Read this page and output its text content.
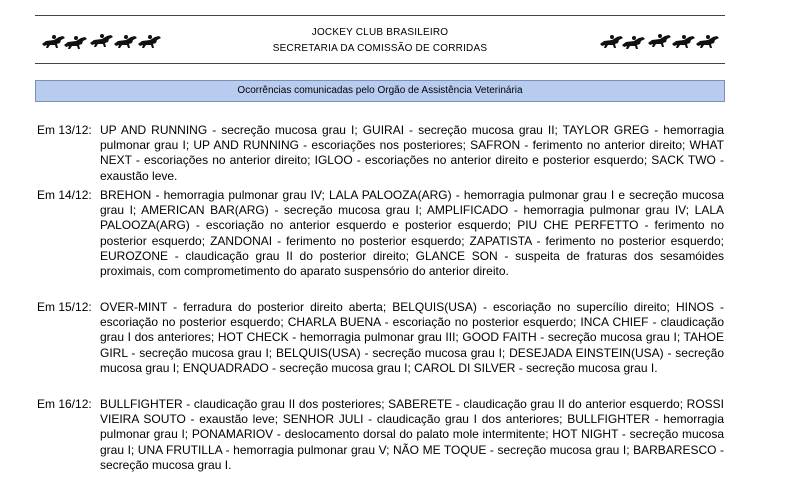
JOCKEY CLUB BRASILEIRO
SECRETARIA DA COMISSÃO DE CORRIDAS
Ocorrências comunicadas pelo Orgão de Assistência Veterinária
Em 13/12: UP AND RUNNING - secreção mucosa grau I; GUIRAI - secreção mucosa grau II; TAYLOR GREG - hemorragia pulmonar grau I; UP AND RUNNING - escoriações nos posteriores; SAFRON - ferimento no anterior direito; WHAT NEXT - escoriações no anterior direito; IGLOO - escoriações no anterior direito e posterior esquerdo; SACK TWO - exaustão leve.

Em 14/12: BREHON - hemorragia pulmonar grau IV; LALA PALOOZA(ARG) - hemorragia pulmonar grau I e secreção mucosa grau I; AMERICAN BAR(ARG) - secreção mucosa grau I; AMPLIFICADO - hemorragia pulmonar grau IV; LALA PALOOZA(ARG) - escoriação no anterior esquerdo e posterior esquerdo; PIU CHE PERFETTO - ferimento no posterior esquerdo; ZANDONAI - ferimento no posterior esquerdo; ZAPATISTA - ferimento no posterior esquerdo; EUROZONE - claudicação grau II do posterior direito; GLANCE SON - suspeita de fraturas dos sesamóides proximais, com comprometimento do aparato suspensório do anterior direito.

Em 15/12: OVER-MINT - ferradura do posterior direito aberta; BELQUIS(USA) - escoriação no supercílio direito; HINOS - escoriação no posterior esquerdo; CHARLA BUENA - escoriação no posterior esquerdo; INCA CHIEF - claudicação grau I dos anteriores; HOT CHECK - hemorragia pulmonar grau III; GOOD FAITH - secreção mucosa grau I; TAHOE GIRL - secreção mucosa grau I; BELQUIS(USA) - secreção mucosa grau I; DESEJADA EINSTEIN(USA) - secreção mucosa grau I; ENQUADRADO - secreção mucosa grau I; CAROL DI SILVER - secreção mucosa grau I.

Em 16/12: BULLFIGHTER - claudicação grau II dos posteriores; SABERETE - claudicação grau II do anterior esquerdo; ROSSI VIEIRA SOUTO - exaustão leve; SENHOR JULI - claudicação grau I dos anteriores; BULLFIGHTER - hemorragia pulmonar grau I; PONAMARIOV - deslocamento dorsal do palato mole intermitente; HOT NIGHT - secreção mucosa grau I; UNA FRUTILLA - hemorragia pulmonar grau V; NÃO ME TOQUE - secreção mucosa grau I; BARBARESCO - secreção mucosa grau I.
